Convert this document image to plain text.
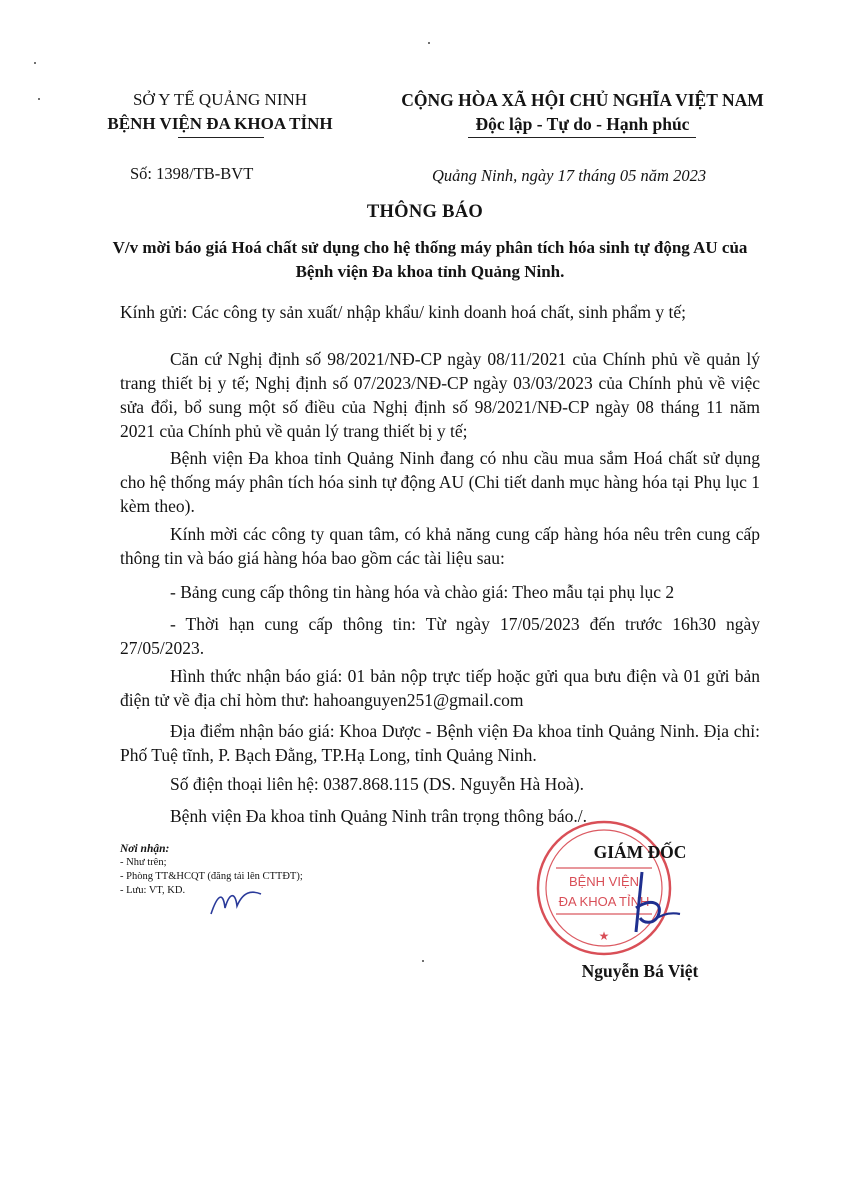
SỞ Y TẾ QUẢNG NINH
BỆNH VIỆN ĐA KHOA TỈNH
CỘNG HÒA XÃ HỘI CHỦ NGHĨA VIỆT NAM
Độc lập - Tự do - Hạnh phúc
Số: 1398/TB-BVT	Quảng Ninh, ngày 17 tháng 05 năm 2023
THÔNG BÁO
V/v mời báo giá Hoá chất sử dụng cho hệ thống máy phân tích hóa sinh tự động AU của Bệnh viện Đa khoa tỉnh Quảng Ninh.
Kính gửi: Các công ty sản xuất/ nhập khẩu/ kinh doanh hoá chất, sinh phẩm y tế;
Căn cứ Nghị định số 98/2021/NĐ-CP ngày 08/11/2021 của Chính phủ về quản lý trang thiết bị y tế; Nghị định số 07/2023/NĐ-CP ngày 03/03/2023 của Chính phủ về việc sửa đổi, bổ sung một số điều của Nghị định số 98/2021/NĐ-CP ngày 08 tháng 11 năm 2021 của Chính phủ về quản lý trang thiết bị y tế;
Bệnh viện Đa khoa tỉnh Quảng Ninh đang có nhu cầu mua sắm Hoá chất sử dụng cho hệ thống máy phân tích hóa sinh tự động AU (Chi tiết danh mục hàng hóa tại Phụ lục 1 kèm theo).
Kính mời các công ty quan tâm, có khả năng cung cấp hàng hóa nêu trên cung cấp thông tin và báo giá hàng hóa bao gồm các tài liệu sau:
- Bảng cung cấp thông tin hàng hóa và chào giá: Theo mẫu tại phụ lục 2
- Thời hạn cung cấp thông tin: Từ ngày 17/05/2023 đến trước 16h30 ngày 27/05/2023.
Hình thức nhận báo giá: 01 bản nộp trực tiếp hoặc gửi qua bưu điện và 01 gửi bản điện tử về địa chỉ hòm thư: hahoanguyen251@gmail.com
Địa điểm nhận báo giá: Khoa Dược - Bệnh viện Đa khoa tỉnh Quảng Ninh. Địa chỉ: Phố Tuệ tĩnh, P. Bạch Đằng, TP.Hạ Long, tỉnh Quảng Ninh.
Số điện thoại liên hệ: 0387.868.115 (DS. Nguyễn Hà Hoà).
Bệnh viện Đa khoa tỉnh Quảng Ninh trân trọng thông báo./.
Nơi nhận:
- Như trên;
- Phòng TT&HCQT (đăng tải lên CTTĐT);
- Lưu: VT, KD.
BỆNH VIỆN
ĐA KHOA TỈNH
★
GIÁM ĐỐC
Nguyễn Bá Việt
